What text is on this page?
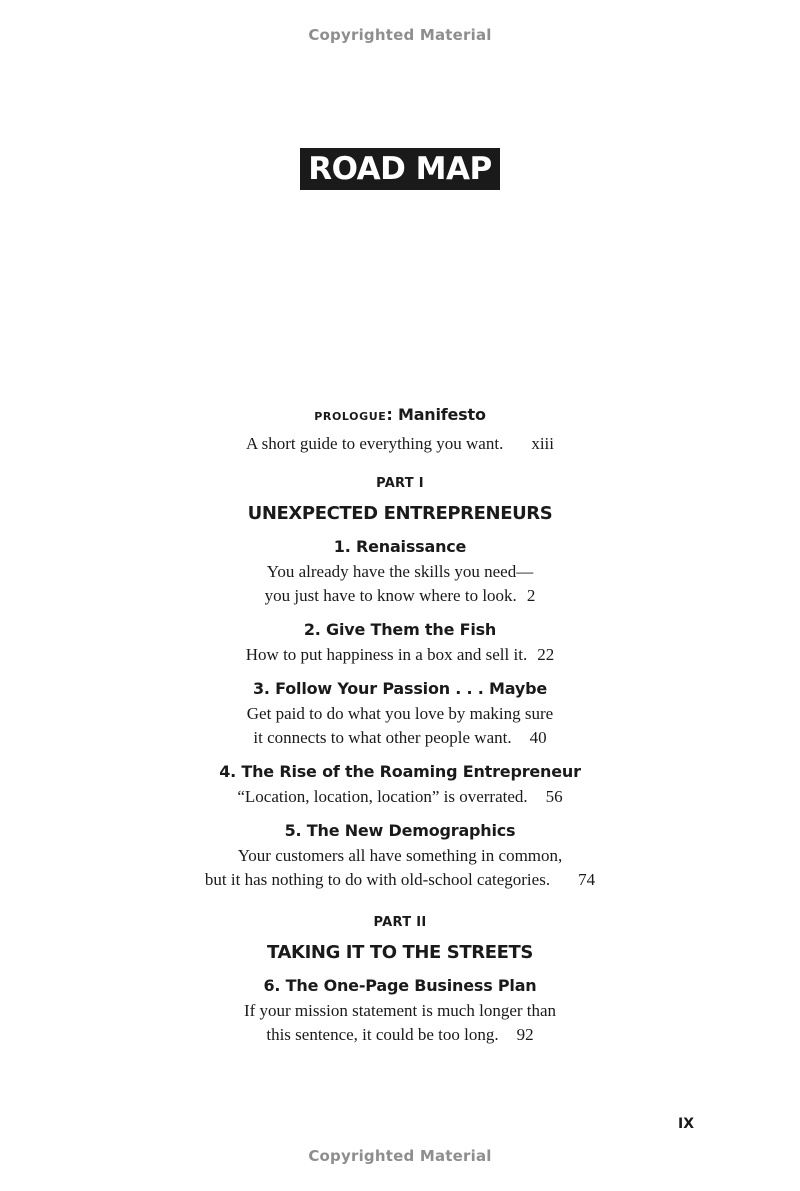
Copyrighted Material
ROAD MAP
PROLOGUE: Manifesto
A short guide to everything you want. xiii
PART I
UNEXPECTED ENTREPRENEURS
1. Renaissance
You already have the skills you need—
you just have to know where to look. 2
2. Give Them the Fish
How to put happiness in a box and sell it. 22
3. Follow Your Passion . . . Maybe
Get paid to do what you love by making sure
it connects to what other people want. 40
4. The Rise of the Roaming Entrepreneur
“Location, location, location” is overrated. 56
5. The New Demographics
Your customers all have something in common,
but it has nothing to do with old-school categories. 74
PART II
TAKING IT TO THE STREETS
6. The One-Page Business Plan
If your mission statement is much longer than
this sentence, it could be too long. 92
IX
Copyrighted Material
